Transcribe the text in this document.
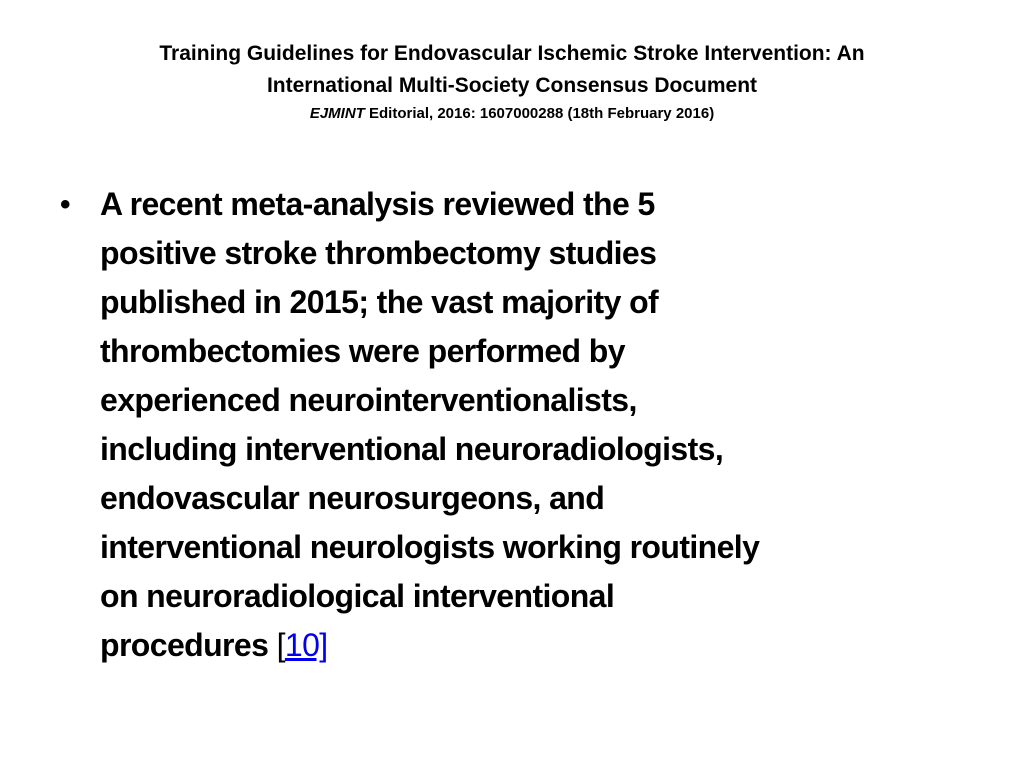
Training Guidelines for Endovascular Ischemic Stroke Intervention: An
International Multi-Society Consensus Document
EJMINT Editorial, 2016: 1607000288 (18th February 2016)
• A recent meta-analysis reviewed the 5
positive stroke thrombectomy studies
published in 2015; the vast majority of
thrombectomies were performed by
experienced neurointerventionalists,
including interventional neuroradiologists,
endovascular neurosurgeons, and
interventional neurologists working routinely
on neuroradiological interventional
procedures [10]
